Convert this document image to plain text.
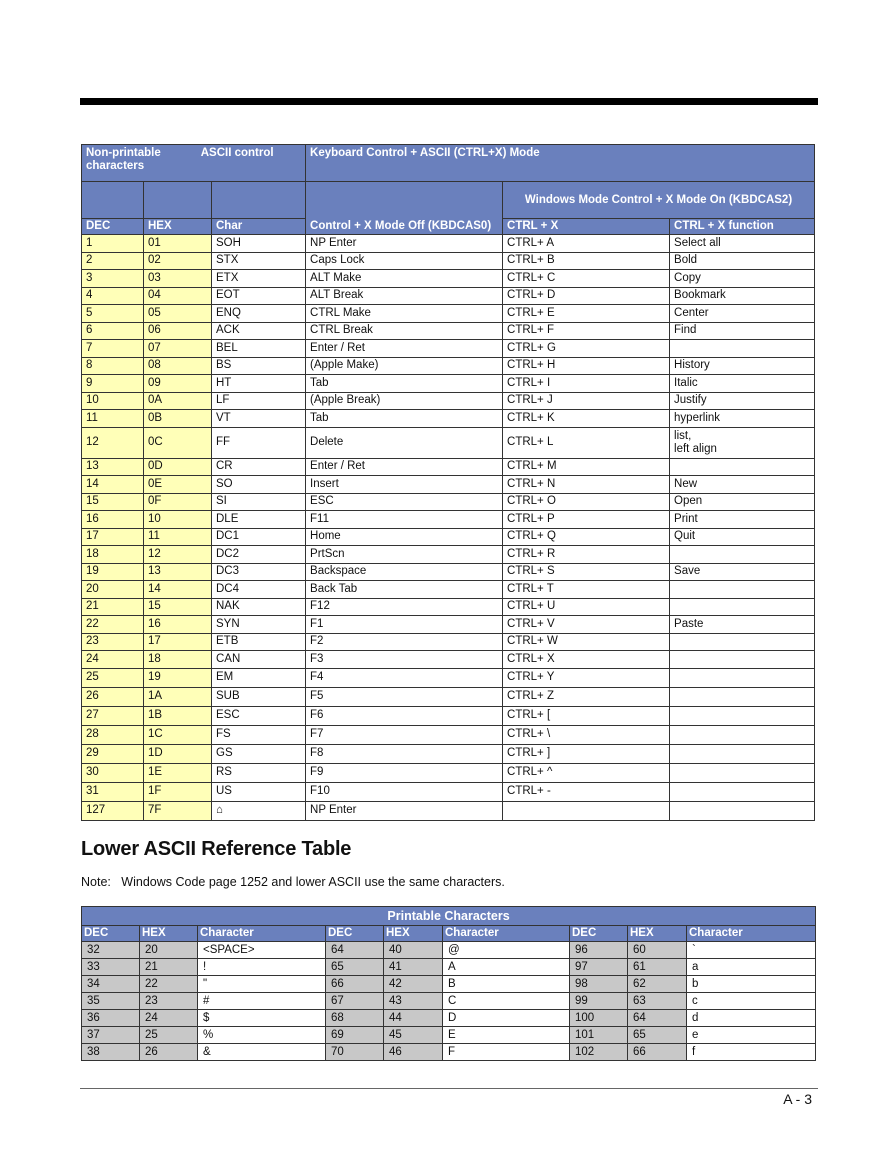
Non-printable ASCII control
characters			Keyboard Control + ASCII (CTRL+X) Mode		
			Control + X Mode Off (KBDCAS0)	Windows Mode Control + X Mode On (KBDCAS2)	
DEC	HEX	Char		CTRL + X	CTRL + X function
1	01	SOH	NP Enter	CTRL+ A	Select all
2	02	STX	Caps Lock	CTRL+ B	Bold
3	03	ETX	ALT Make	CTRL+ C	Copy
4	04	EOT	ALT Break	CTRL+ D	Bookmark
5	05	ENQ	CTRL Make	CTRL+ E	Center
6	06	ACK	CTRL Break	CTRL+ F	Find
7	07	BEL	Enter / Ret	CTRL+ G	
8	08	BS	(Apple Make)	CTRL+ H	History
9	09	HT	Tab	CTRL+ I	Italic
10	0A	LF	(Apple Break)	CTRL+ J	Justify
11	0B	VT	Tab	CTRL+ K	hyperlink
12	0C	FF	Delete	CTRL+ L	list,
left align
13	0D	CR	Enter / Ret	CTRL+ M	
14	0E	SO	Insert	CTRL+ N	New
15	0F	SI	ESC	CTRL+ O	Open
16	10	DLE	F11	CTRL+ P	Print
17	11	DC1	Home	CTRL+ Q	Quit
18	12	DC2	PrtScn	CTRL+ R	
19	13	DC3	Backspace	CTRL+ S	Save
20	14	DC4	Back Tab	CTRL+ T	
21	15	NAK	F12	CTRL+ U	
22	16	SYN	F1	CTRL+ V	Paste
23	17	ETB	F2	CTRL+ W	
24	18	CAN	F3	CTRL+ X	
25	19	EM	F4	CTRL+ Y	
26	1A	SUB	F5	CTRL+ Z	
27	1B	ESC	F6	CTRL+ [	
28	1C	FS	F7	CTRL+ \	
29	1D	GS	F8	CTRL+ ]	
30	1E	RS	F9	CTRL+ ^	
31	1F	US	F10	CTRL+ -	
127	7F	⌂	NP Enter		
Lower ASCII Reference Table
Note:   Windows Code page 1252 and lower ASCII use the same characters.
Printable Characters								
DEC	HEX	Character	DEC	HEX	Character	DEC	HEX	Character
32	20	<SPACE>	64	40	@	96	60	`
33	21	!	65	41	A	97	61	a
34	22	"	66	42	B	98	62	b
35	23	#	67	43	C	99	63	c
36	24	$	68	44	D	100	64	d
37	25	%	69	45	E	101	65	e
38	26	&	70	46	F	102	66	f
A - 3
